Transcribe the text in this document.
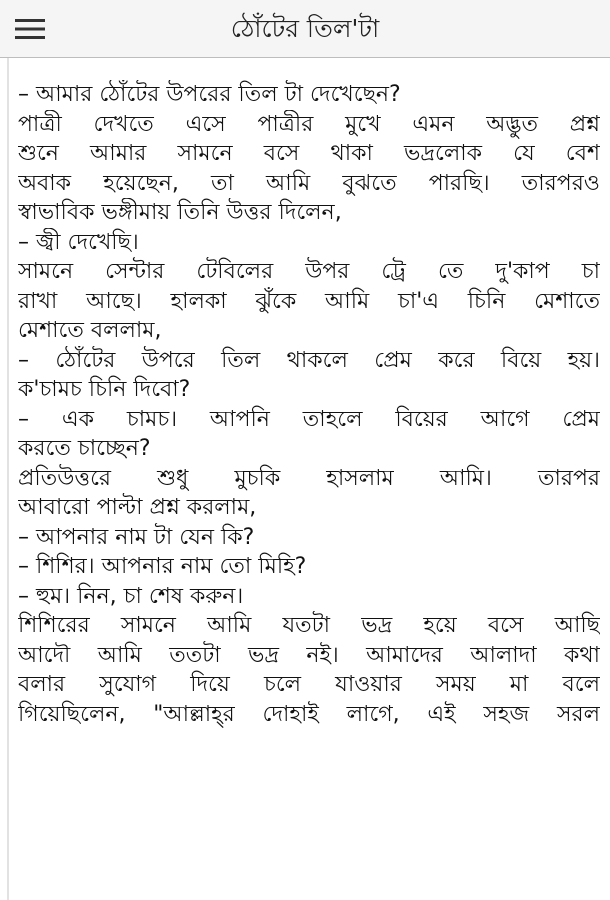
ঠোঁটের তিল'টা
– আমার ঠোঁটের উপরের তিল টা দেখেছেন?
পাত্রী দেখতে এসে পাত্রীর মুখে এমন অদ্ভুত প্রশ্ন
শুনে আমার সামনে বসে থাকা ভদ্রলোক যে বেশ
অবাক হয়েছেন, তা আমি বুঝতে পারছি। তারপরও
স্বাভাবিক ভঙ্গীমায় তিনি উত্তর দিলেন,
– জ্বী দেখেছি।
সামনে সেন্টার টেবিলের উপর ট্রে তে দু'কাপ চা
রাখা আছে। হালকা ঝুঁকে আমি চা'এ চিনি মেশাতে
মেশাতে বললাম,
– ঠোঁটের উপরে তিল থাকলে প্রেম করে বিয়ে হয়।
ক'চামচ চিনি দিবো?
– এক চামচ। আপনি তাহলে বিয়ের আগে প্রেম
করতে চাচ্ছেন?
প্রতিউত্তরে শুধু মুচকি হাসলাম আমি। তারপর
আবারো পাল্টা প্রশ্ন করলাম,
– আপনার নাম টা যেন কি?
– শিশির। আপনার নাম তো মিহি?
– হুম। নিন, চা শেষ করুন।
শিশিরের সামনে আমি যতটা ভদ্র হয়ে বসে আছি
আদৌ আমি ততটা ভদ্র নই। আমাদের আলাদা কথা
বলার সুযোগ দিয়ে চলে যাওয়ার সময় মা বলে
গিয়েছিলেন, "আল্লাহ্‌র দোহাই লাগে, এই সহজ সরল
